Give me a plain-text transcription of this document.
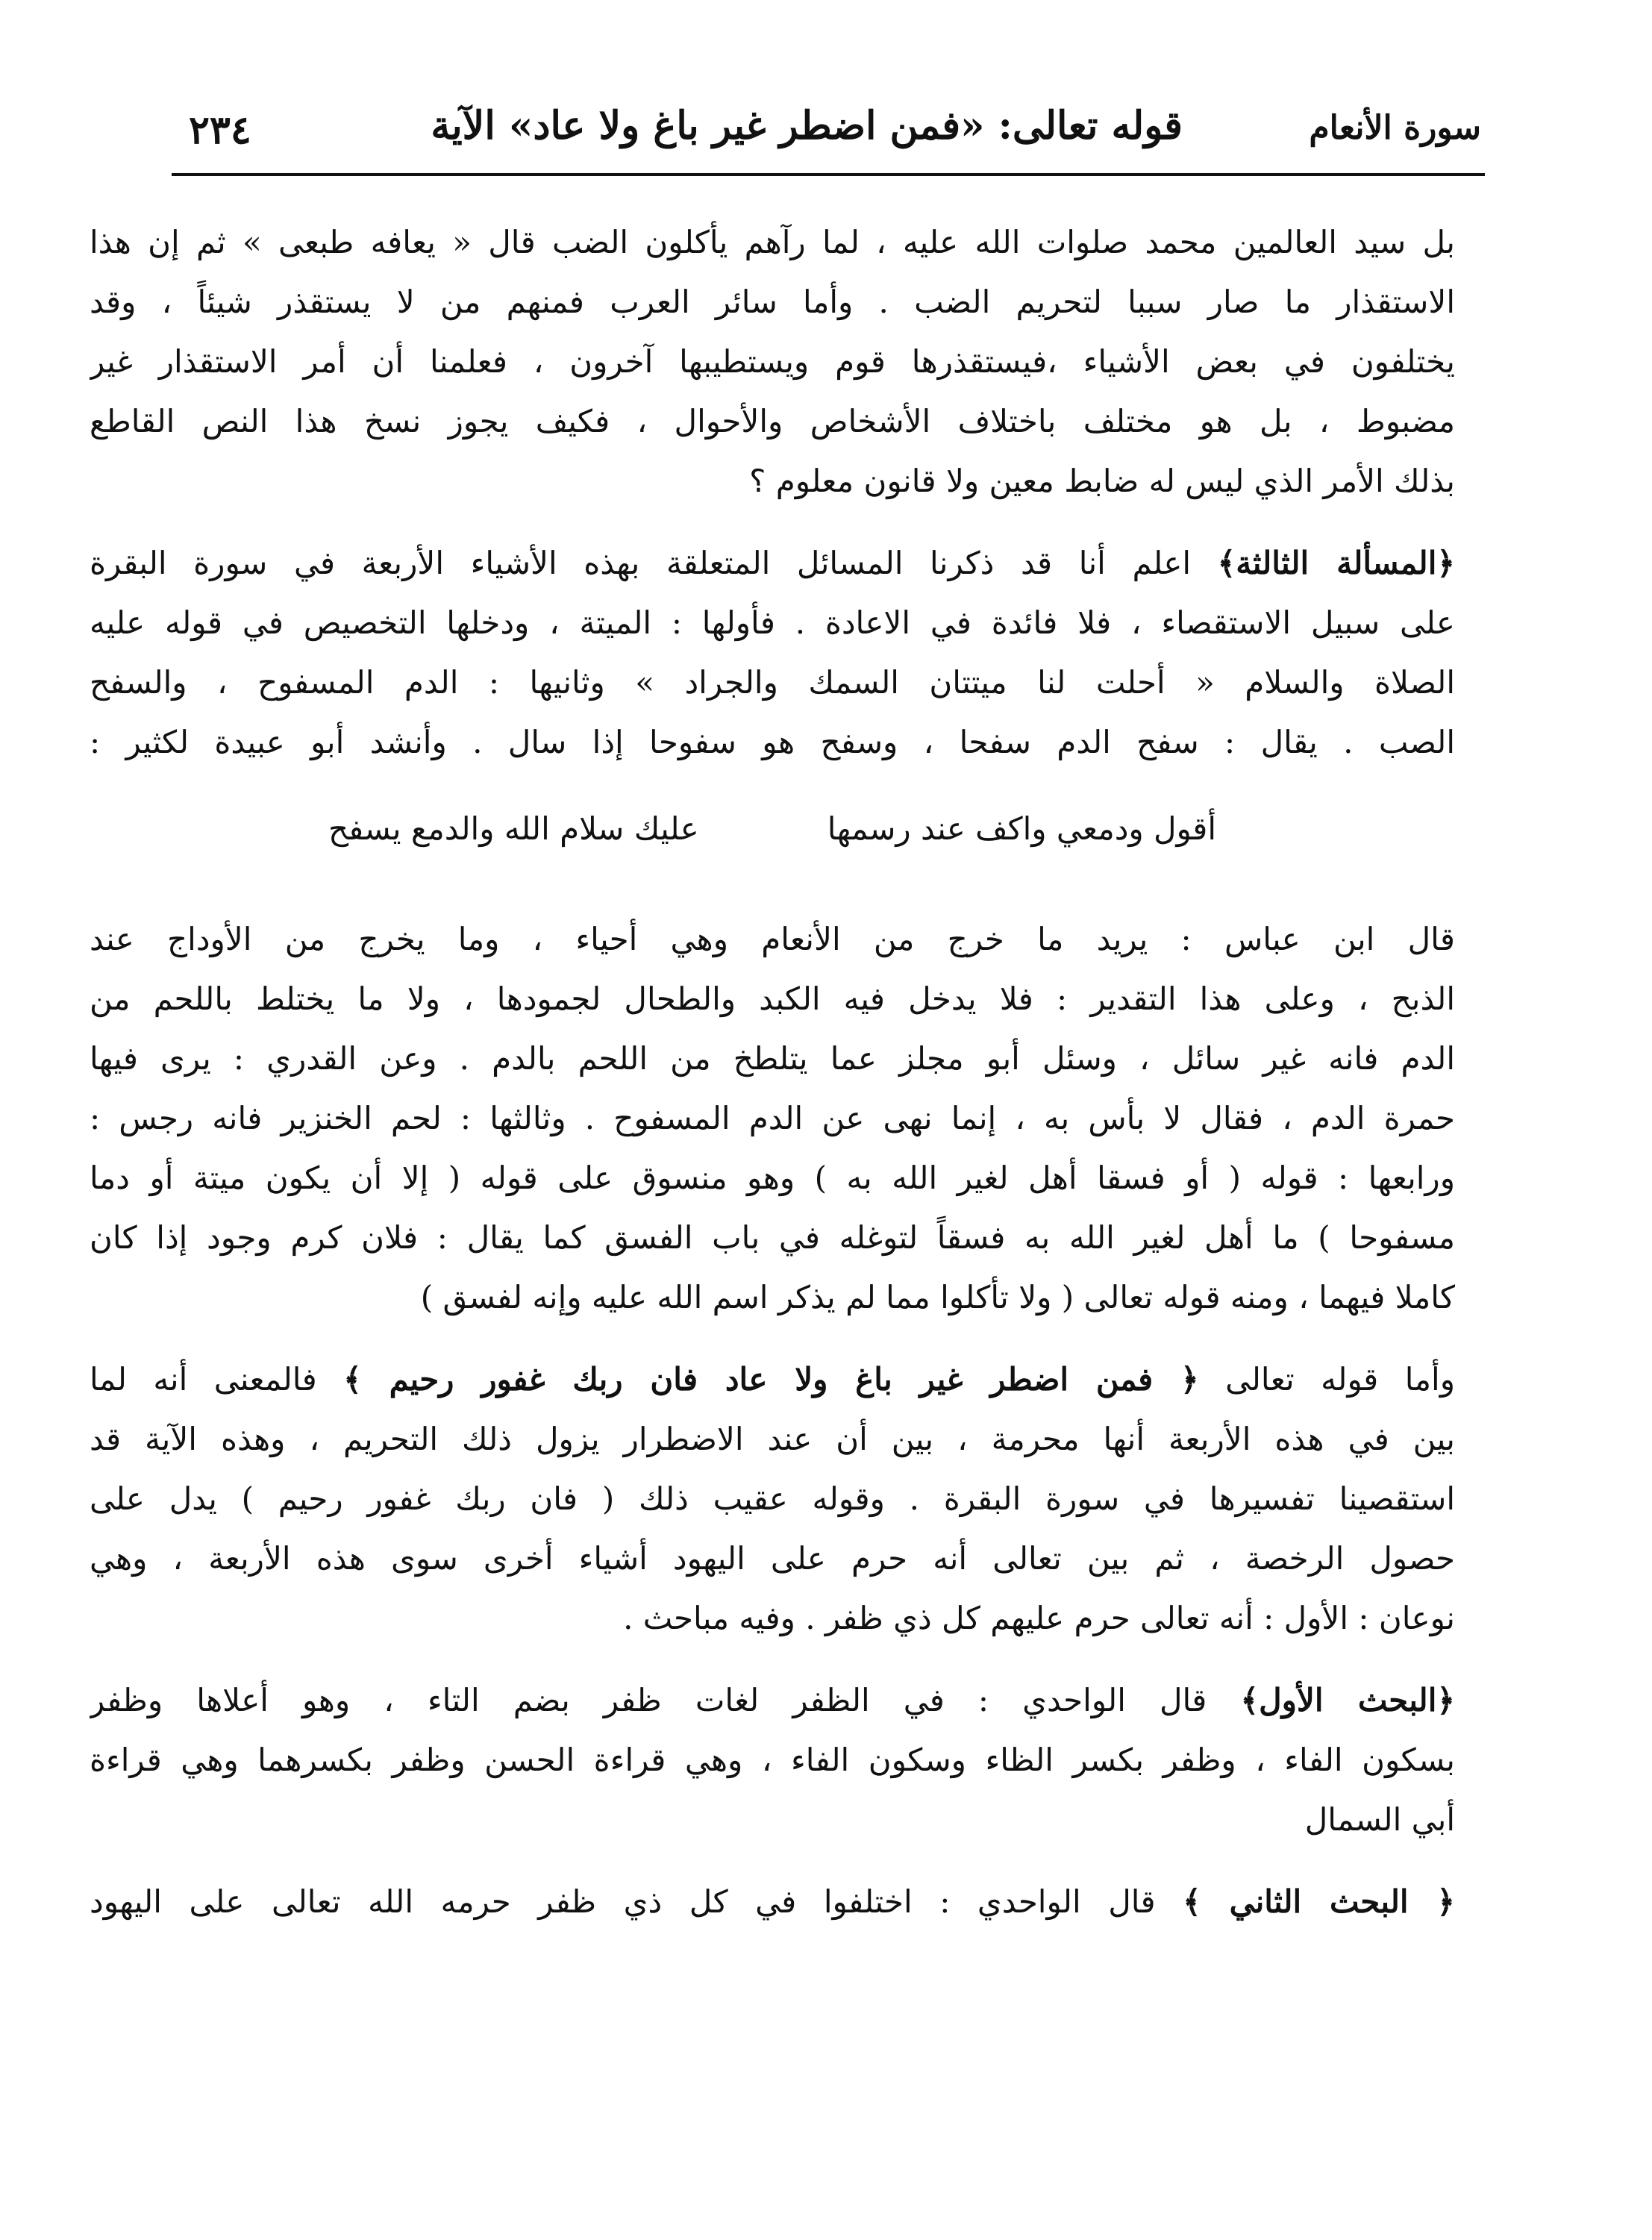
قوله تعالى: «فمن اضطر غير باغ ولا عاد» الآية	سورة الأنعام
٢٣٤
بل سيد العالمين محمد صلوات الله عليه ، لما رآهم يأكلون الضب قال « يعافه طبعى » ثم إن هذا
الاستقذار ما صار سببا لتحريم الضب . وأما سائر العرب فمنهم من لا يستقذر شيئاً ، وقد
يختلفون في بعض الأشياء ،فيستقذرها قوم ويستطيبها آخرون ، فعلمنا أن أمر الاستقذار غير
مضبوط ، بل هو مختلف باختلاف الأشخاص والأحوال ، فكيف يجوز نسخ هذا النص القاطع
بذلك الأمر الذي ليس له ضابط معين ولا قانون معلوم ؟
﴿المسألة الثالثة﴾ اعلم أنا قد ذكرنا المسائل المتعلقة بهذه الأشياء الأربعة في سورة البقرة
على سبيل الاستقصاء ، فلا فائدة في الاعادة . فأولها : الميتة ، ودخلها التخصيص في قوله عليه
الصلاة والسلام « أحلت لنا ميتتان السمك والجراد » وثانيها : الدم المسفوح ، والسفح
الصب . يقال : سفح الدم سفحا ، وسفح هو سفوحا إذا سال . وأنشد أبو عبيدة لكثير :
أقول ودمعي واكف عند رسمها
عليك سلام الله والدمع يسفح
قال ابن عباس : يريد ما خرج من الأنعام وهي أحياء ، وما يخرج من الأوداج عند
الذبح ، وعلى هذا التقدير : فلا يدخل فيه الكبد والطحال لجمودها ، ولا ما يختلط باللحم من
الدم فانه غير سائل ، وسئل أبو مجلز عما يتلطخ من اللحم بالدم . وعن القدري : يرى فيها
حمرة الدم ، فقال لا بأس به ، إنما نهى عن الدم المسفوح . وثالثها : لحم الخنزير فانه رجس :
ورابعها : قوله ( أو فسقا أهل لغير الله به ) وهو منسوق على قوله ( إلا أن يكون ميتة أو دما
مسفوحا ) ما أهل لغير الله به فسقاً لتوغله في باب الفسق كما يقال : فلان كرم وجود إذا كان
كاملا فيهما ، ومنه قوله تعالى ( ولا تأكلوا مما لم يذكر اسم الله عليه وإنه لفسق )
وأما قوله تعالى ﴿ فمن اضطر غير باغ ولا عاد فان ربك غفور رحيم ﴾ فالمعنى أنه لما
بين في هذه الأربعة أنها محرمة ، بين أن عند الاضطرار يزول ذلك التحريم ، وهذه الآية قد
استقصينا تفسيرها في سورة البقرة . وقوله عقيب ذلك ( فان ربك غفور رحيم ) يدل على
حصول الرخصة ، ثم بين تعالى أنه حرم على اليهود أشياء أخرى سوى هذه الأربعة ، وهي
نوعان : الأول : أنه تعالى حرم عليهم كل ذي ظفر . وفيه مباحث .
﴿البحث الأول﴾ قال الواحدي : في الظفر لغات ظفر بضم التاء ، وهو أعلاها وظفر
بسكون الفاء ، وظفر بكسر الظاء وسكون الفاء ، وهي قراءة الحسن وظفر بكسرهما وهي قراءة
أبي السمال
﴿ البحث الثاني ﴾ قال الواحدي : اختلفوا في كل ذي ظفر حرمه الله تعالى على اليهود
